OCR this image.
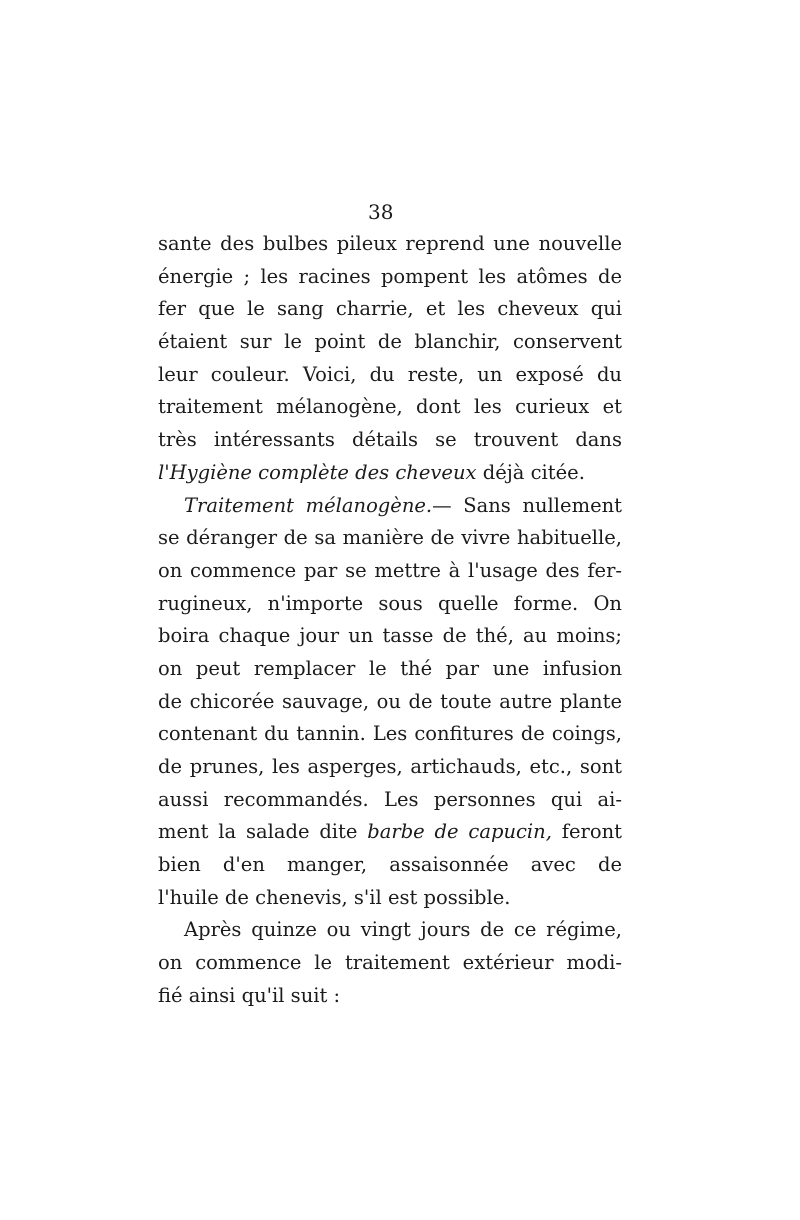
38
sante des bulbes pileux reprend une nouvelle
énergie ; les racines pompent les atômes de
fer que le sang charrie, et les cheveux qui
étaient sur le point de blanchir, conservent
leur couleur. Voici, du reste, un exposé du
traitement mélanogène, dont les curieux et
très intéressants détails se trouvent dans
l'Hygiène complète des cheveux déjà citée.
Traitement mélanogène.— Sans nullement
se déranger de sa manière de vivre habituelle,
on commence par se mettre à l'usage des fer-
rugineux, n'importe sous quelle forme. On
boira chaque jour un tasse de thé, au moins;
on peut remplacer le thé par une infusion
de chicorée sauvage, ou de toute autre plante
contenant du tannin. Les confitures de coings,
de prunes, les asperges, artichauds, etc., sont
aussi recommandés. Les personnes qui ai-
ment la salade dite barbe de capucin, feront
bien d'en manger, assaisonnée avec de
l'huile de chenevis, s'il est possible.
Après quinze ou vingt jours de ce régime,
on commence le traitement extérieur modi-
fié ainsi qu'il suit :
